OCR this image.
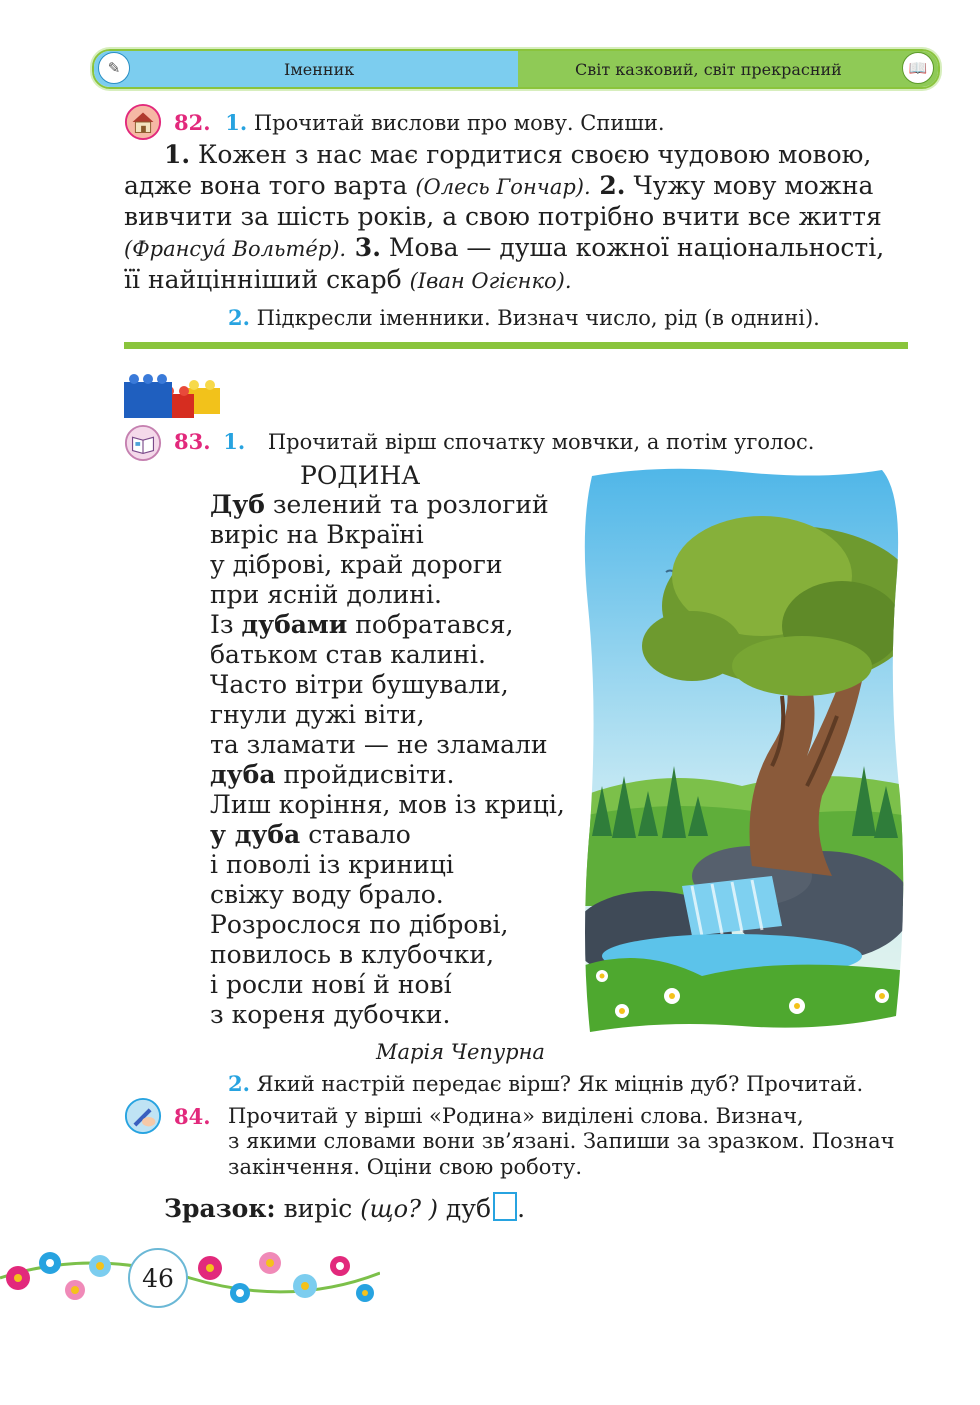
✎	Іменник	Світ казковий, світ прекрасний	📖
82. 1. Прочитай вислови про мову. Спиши.
1. Кожен з нас має гордитися своєю чудовою мовою,
адже вона того варта (Олесь Гончар). 2. Чужу мову можна
вивчити за шість років, а свою потрібно вчити все життя
(Франсуá Вольтéр). 3. Мова — душа кожної національності,
її найцінніший скарб (Іван Огієнко).
2. Підкресли іменники. Визнач число, рід (в однині).
83. 1. Прочитай вірш спочатку мовчки, а потім уголос.
РОДИНА
Дуб зелений та розлогий
виріс на Вкраїні
у діброві, край дороги
при ясній долині.
Із дубами побратався,
батьком став калині.
Часто вітри бушували,
гнули дужі віти,
та зламати — не зламали
дуба пройдисвіти.
Лиш коріння, мов із криці,
у дуба ставало
і поволі із криниці
свіжу воду брало.
Розрослося по діброві,
повилось в клубочки,
і росли нові́ й нові́
з кореня дубочки.
Марія Чепурна
2. Який настрій передає вірш? Як міцнів дуб? Прочитай.
84. Прочитай у вірші «Родина» виділені слова. Визнач,
з якими словами вони зв’язані. Запиши за зразком. Познач
закінчення. Оціни свою роботу.
Зразок: виріс (що? ) дуб .
46
